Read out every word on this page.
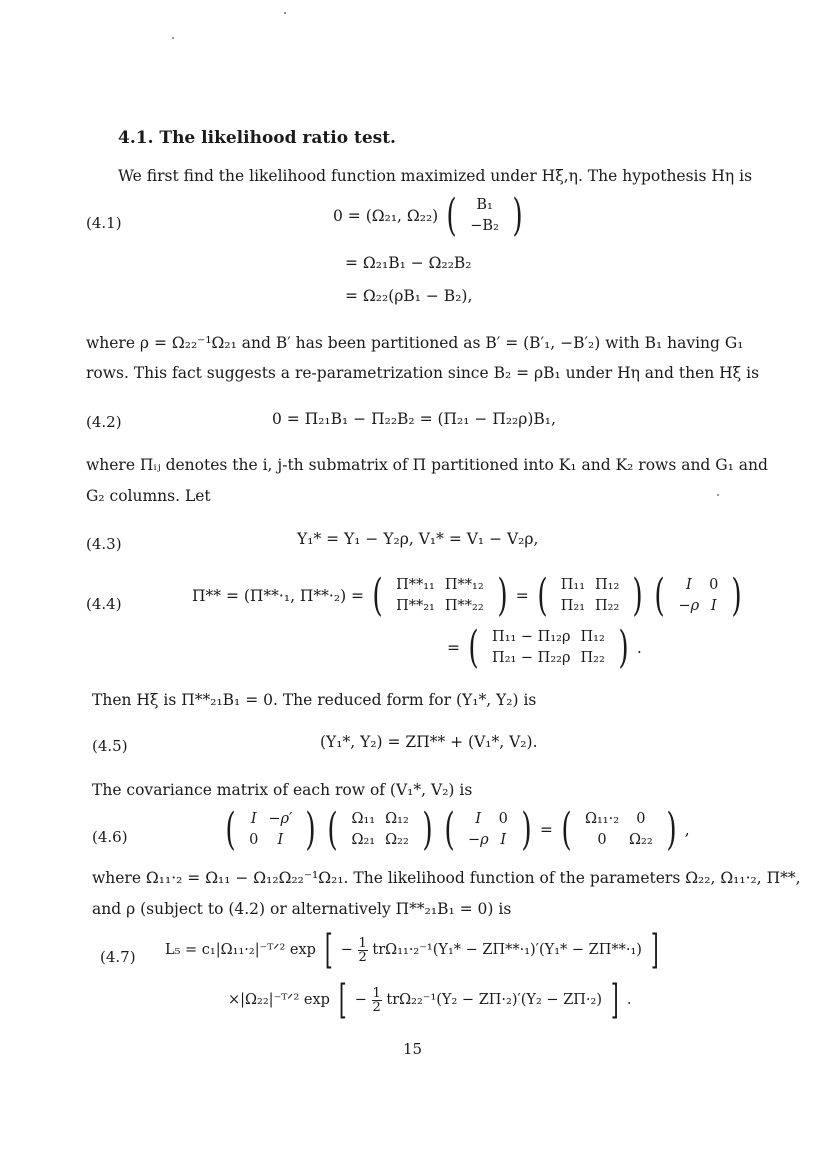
4.1. The likelihood ratio test.
We first find the likelihood function maximized under Hξ,η. The hypothesis Hη is
(4.1)	0 = (Ω₂₁, Ω₂₂) ( B₁
−B₂ )
= Ω₂₁B₁ − Ω₂₂B₂
= Ω₂₂(ρB₁ − B₂),
where ρ = Ω₂₂⁻¹Ω₂₁ and B′ has been partitioned as B′ = (B′₁, −B′₂) with B₁ having G₁
rows. This fact suggests a re-parametrization since B₂ = ρB₁ under Hη and then Hξ is
(4.2)	0 = Π₂₁B₁ − Π₂₂B₂ = (Π₂₁ − Π₂₂ρ)B₁,
where Πᵢⱼ denotes the i, j-th submatrix of Π partitioned into K₁ and K₂ rows and G₁ and
G₂ columns. Let
(4.3)	Y₁* = Y₁ − Y₂ρ, V₁* = V₁ − V₂ρ,
(4.4)	Π** = (Π**·₁, Π**·₂) = ( Π**₁₁	Π**₁₂
Π**₂₁	Π**₂₂ ) = ( Π₁₁	Π₁₂
Π₂₁	Π₂₂ ) ( I	0
−ρ	I )
= ( Π₁₁ − Π₁₂ρ	Π₁₂
Π₂₁ − Π₂₂ρ	Π₂₂ ) .
Then Hξ is Π**₂₁B₁ = 0. The reduced form for (Y₁*, Y₂) is
(4.5)	(Y₁*, Y₂) = ZΠ** + (V₁*, V₂).
The covariance matrix of each row of (V₁*, V₂) is
(4.6) ( I	−ρ′
0	I ) ( Ω₁₁	Ω₁₂
Ω₂₁	Ω₂₂ ) ( I	0
−ρ	I ) = ( Ω₁₁·₂	0
0	Ω₂₂ ) ,
where Ω₁₁·₂ = Ω₁₁ − Ω₁₂Ω₂₂⁻¹Ω₂₁. The likelihood function of the parameters Ω₂₂, Ω₁₁·₂, Π**,
and ρ (subject to (4.2) or alternatively Π**₂₁B₁ = 0) is
(4.7) L₅ = c₁|Ω₁₁·₂|⁻ᵀᐟ² exp [ − $\frac{1}{2} tr\Omega_{11}\cdot_2^{-1}(Y_1* - Z\Pi**\cdot_1)'(Y_1* - Z\Pi**\cdot_1)$ ]
×|Ω₂₂|⁻ᵀᐟ² exp [ − $\frac{1}{2} tr\Omega_{22}^{-1}(Y_2 - Z\Pi\cdot_2)'(Y_2 - Z\Pi\cdot_2)$ ] .
15
